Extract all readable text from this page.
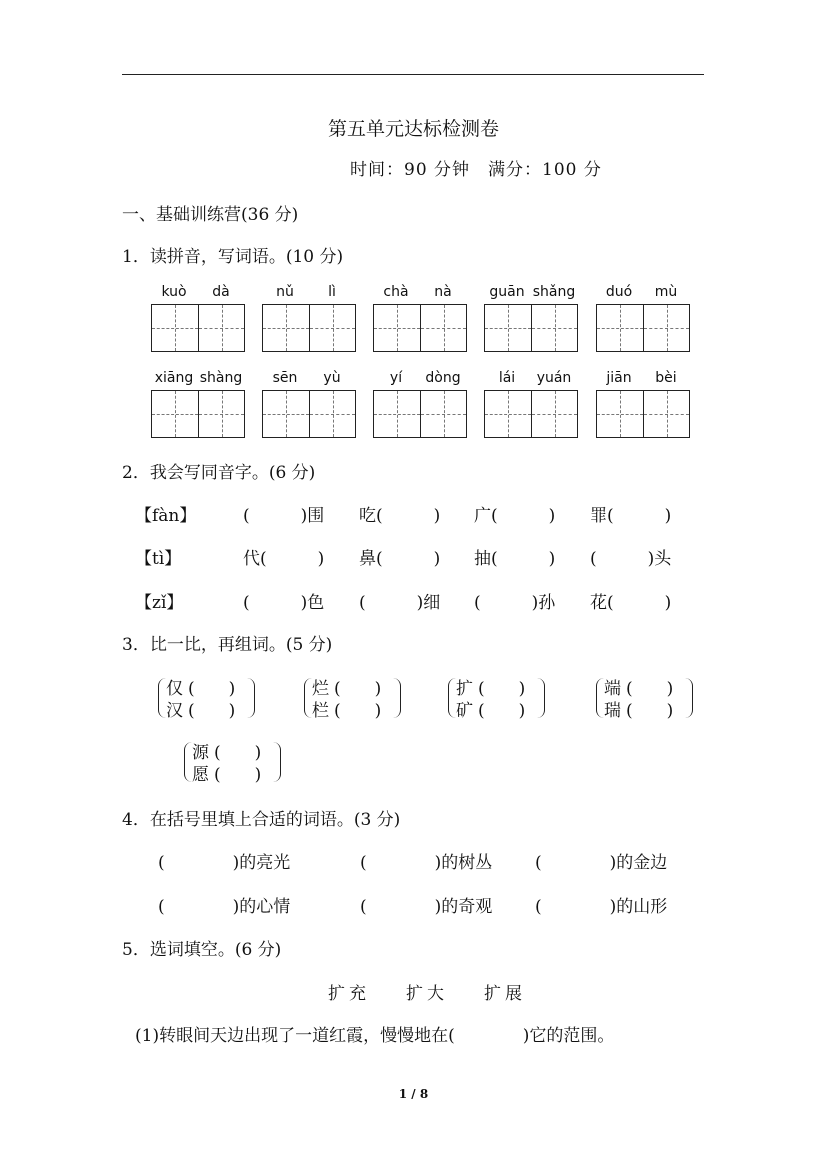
第五单元达标检测卷
时间：90 分钟　满分：100 分
一、基础训练营(36 分)
1．读拼音，写词语。(10 分)
kuò	dà	nǔ	lì	chà	nà	guān shǎng	duó	mù
xiāng shàng	sēn	yù	yí	dòng	lái	yuán	jiān	bèi
2．我会写同音字。(6 分)
【fàn】	(　　　)围 吃(　　　) 广(　　　) 罪(　　　)
【tì】	代(　　　) 鼻(　　　) 抽(　　　) (　　　)头
【zǐ】	(　　　)色 (　　　)细 (　　　)孙 花(　　　)
3．比一比，再组词。(5 分)
仅 (　　)
汉 (　　)
烂 (　　)
栏 (　　)
扩 (　　)
矿 (　　)
端 (　　)
瑞 (　　)
源 (　　)
愿 (　　)
4．在括号里填上合适的词语。(3 分)
(　　　　)的亮光	(　　　　)的树丛	(　　　　)的金边
(　　　　)的心情	(　　　　)的奇观	(　　　　)的山形
5．选词填空。(6 分)
扩充 扩大 扩展
(1)转眼间天边出现了一道红霞，慢慢地在(　　　　)它的范围。
1 / 8
